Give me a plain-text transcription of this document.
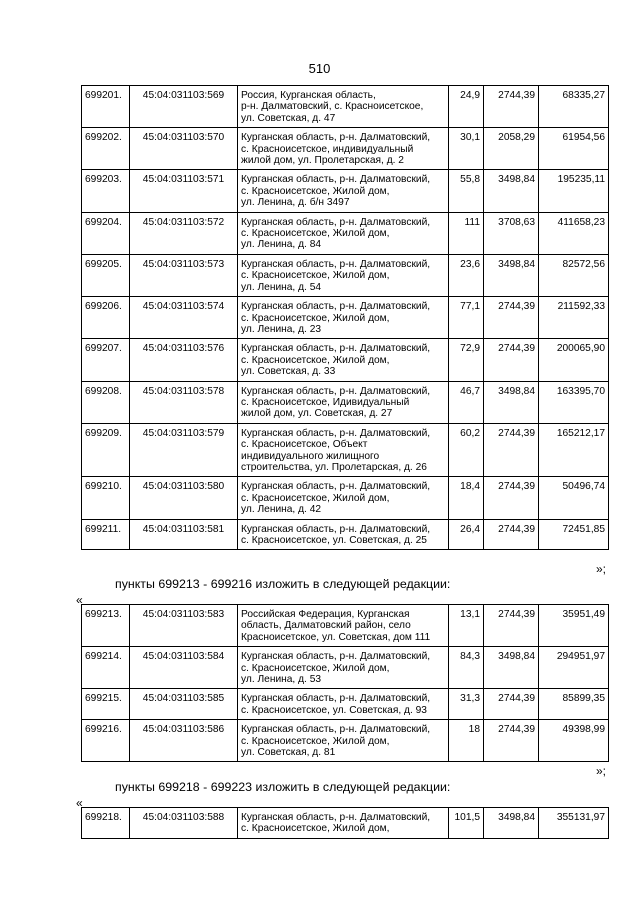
510
699201.	45:04:031103:569	Россия, Курганская область,
р-н. Далматовский, с. Красноисетское,
ул. Советская, д. 47	24,9	2744,39	68335,27
699202.	45:04:031103:570	Курганская область, р-н. Далматовский,
с. Красноисетское, индивидуальный
жилой дом, ул. Пролетарская, д. 2	30,1	2058,29	61954,56
699203.	45:04:031103:571	Курганская область, р-н. Далматовский,
с. Красноисетское, Жилой дом,
ул. Ленина, д. б/н 3497	55,8	3498,84	195235,11
699204.	45:04:031103:572	Курганская область, р-н. Далматовский,
с. Красноисетское, Жилой дом,
ул. Ленина, д. 84	111	3708,63	411658,23
699205.	45:04:031103:573	Курганская область, р-н. Далматовский,
с. Красноисетское, Жилой дом,
ул. Ленина, д. 54	23,6	3498,84	82572,56
699206.	45:04:031103:574	Курганская область, р-н. Далматовский,
с. Красноисетское, Жилой дом,
ул. Ленина, д. 23	77,1	2744,39	211592,33
699207.	45:04:031103:576	Курганская область, р-н. Далматовский,
с. Красноисетское, Жилой дом,
ул. Советская, д. 33	72,9	2744,39	200065,90
699208.	45:04:031103:578	Курганская область, р-н. Далматовский,
с. Красноисетское, Идивидуальный
жилой дом, ул. Советская, д. 27	46,7	3498,84	163395,70
699209.	45:04:031103:579	Курганская область, р-н. Далматовский,
с. Красноисетское, Объект
индивидуального жилищного
строительства, ул. Пролетарская, д. 26	60,2	2744,39	165212,17
699210.	45:04:031103:580	Курганская область, р-н. Далматовский,
с. Красноисетское, Жилой дом,
ул. Ленина, д. 42	18,4	2744,39	50496,74
699211.	45:04:031103:581	Курганская область, р-н. Далматовский,
с. Красноисетское, ул. Советская, д. 25	26,4	2744,39	72451,85
»;
пункты 699213 - 699216 изложить в следующей редакции:
«
699213.	45:04:031103:583	Российская Федерация, Курганская
область, Далматовский район, село
Красноисетское, ул. Советская, дом 111	13,1	2744,39	35951,49
699214.	45:04:031103:584	Курганская область, р-н. Далматовский,
с. Красноисетское, Жилой дом,
ул. Ленина, д. 53	84,3	3498,84	294951,97
699215.	45:04:031103:585	Курганская область, р-н. Далматовский,
с. Красноисетское, ул. Советская, д. 93	31,3	2744,39	85899,35
699216.	45:04:031103:586	Курганская область, р-н. Далматовский,
с. Красноисетское, Жилой дом,
ул. Советская, д. 81	18	2744,39	49398,99
»;
пункты 699218 - 699223 изложить в следующей редакции:
«
699218.	45:04:031103:588	Курганская область, р-н. Далматовский,
с. Красноисетское, Жилой дом,	101,5	3498,84	355131,97
